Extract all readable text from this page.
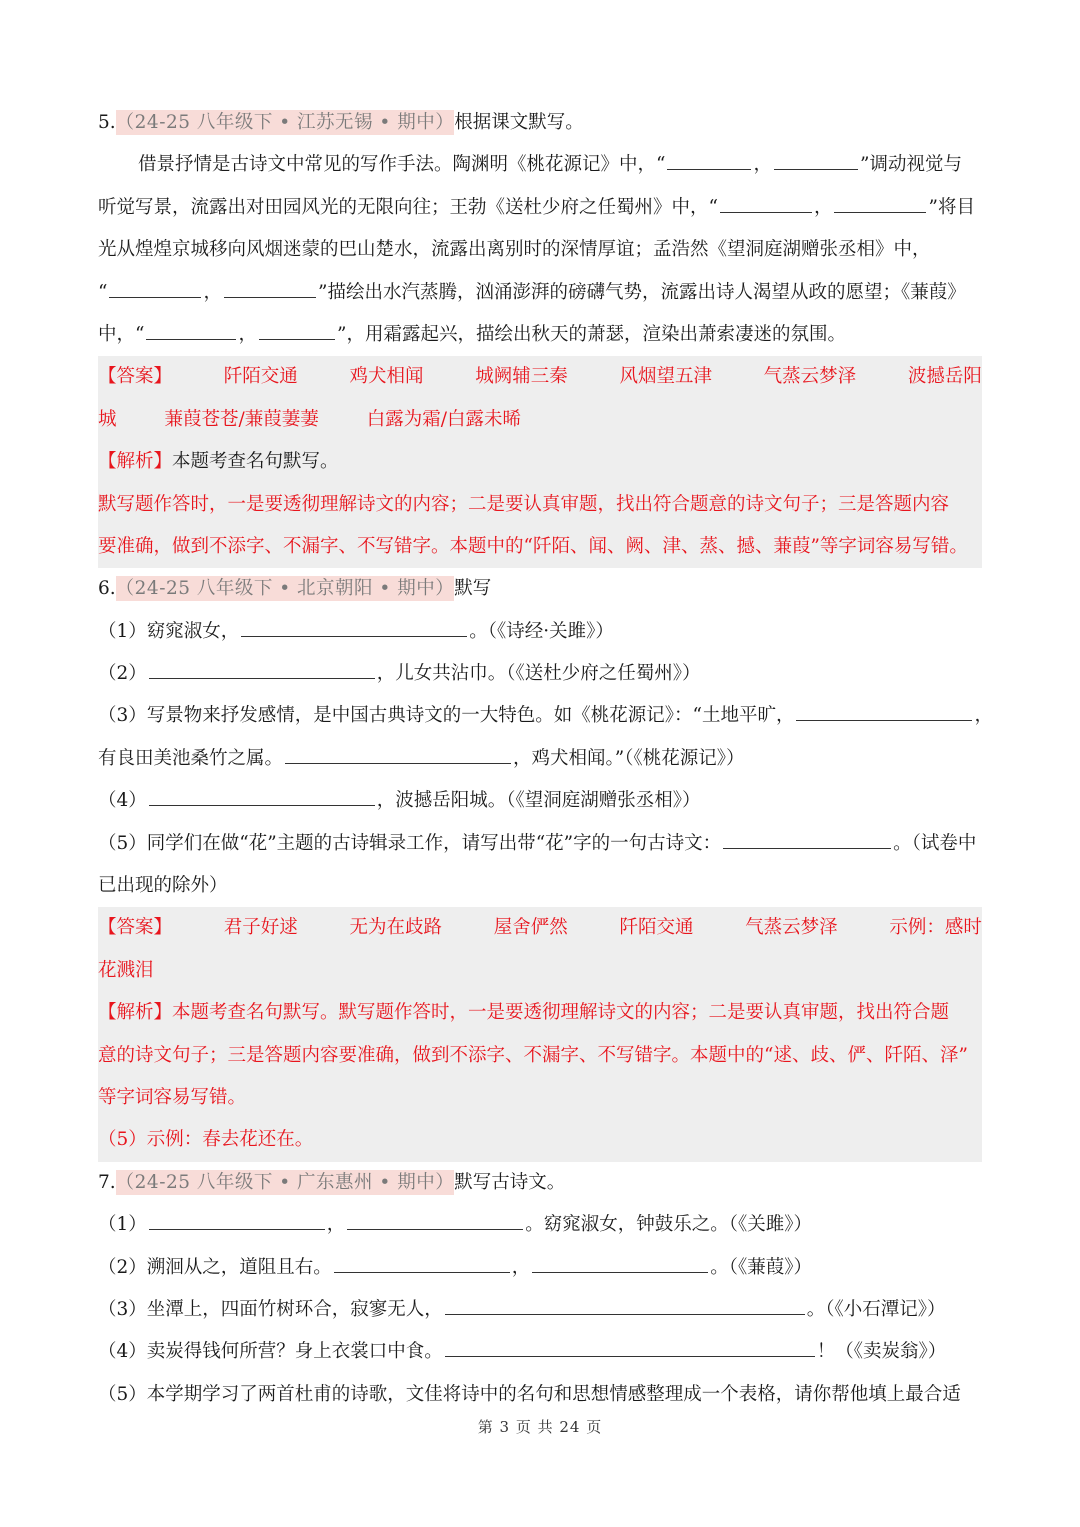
5.（24-25 八年级下 • 江苏无锡 • 期中）根据课文默写。
借景抒情是古诗文中常见的写作手法。陶渊明《桃花源记》中，“	，	”调动视觉与
听觉写景，流露出对田园风光的无限向往；王勃《送杜少府之任蜀州》中，“	，	”将目
光从煌煌京城移向风烟迷蒙的巴山楚水，流露出离别时的深情厚谊；孟浩然《望洞庭湖赠张丞相》中，
“	，	”描绘出水汽蒸腾，汹涌澎湃的磅礴气势，流露出诗人渴望从政的愿望；《蒹葭》
中，“	，	”，用霜露起兴，描绘出秋天的萧瑟，渲染出萧索凄迷的氛围。
【答案】	阡陌交通	鸡犬相闻	城阙辅三秦	风烟望五津	气蒸云梦泽	波撼岳阳
城	蒹葭苍苍/蒹葭萋萋	白露为霜/白露未晞
【解析】本题考查名句默写。
默写题作答时，一是要透彻理解诗文的内容；二是要认真审题，找出符合题意的诗文句子；三是答题内容
要准确，做到不添字、不漏字、不写错字。本题中的“阡陌、闻、阙、津、蒸、撼、蒹葭”等字词容易写错。
6.（24-25 八年级下 • 北京朝阳 • 期中）默写
（1）窈窕淑女，	。（《诗经·关雎》）
（2）	，儿女共沾巾。（《送杜少府之任蜀州》）
（3）写景物来抒发感情，是中国古典诗文的一大特色。如《桃花源记》：“土地平旷，	，
有良田美池桑竹之属。	，鸡犬相闻。”（《桃花源记》）
（4）	，波撼岳阳城。（《望洞庭湖赠张丞相》）
（5）同学们在做“花”主题的古诗辑录工作，请写出带“花”字的一句古诗文：	。（试卷中
已出现的除外）
【答案】	君子好逑	无为在歧路	屋舍俨然	阡陌交通	气蒸云梦泽	示例：感时
花溅泪
【解析】本题考查名句默写。默写题作答时，一是要透彻理解诗文的内容；二是要认真审题，找出符合题
意的诗文句子；三是答题内容要准确，做到不添字、不漏字、不写错字。本题中的“逑、歧、俨、阡陌、泽”
等字词容易写错。
（5）示例：春去花还在。
7.（24-25 八年级下 • 广东惠州 • 期中）默写古诗文。
（1）	，	。窈窕淑女，钟鼓乐之。（《关雎》）
（2）溯洄从之，道阻且右。	，	。（《蒹葭》）
（3）坐潭上，四面竹树环合，寂寥无人，	。（《小石潭记》）
（4）卖炭得钱何所营？身上衣裳口中食。	！（《卖炭翁》）
（5）本学期学习了两首杜甫的诗歌，文佳将诗中的名句和思想情感整理成一个表格，请你帮他填上最合适
第 3 页 共 24 页
